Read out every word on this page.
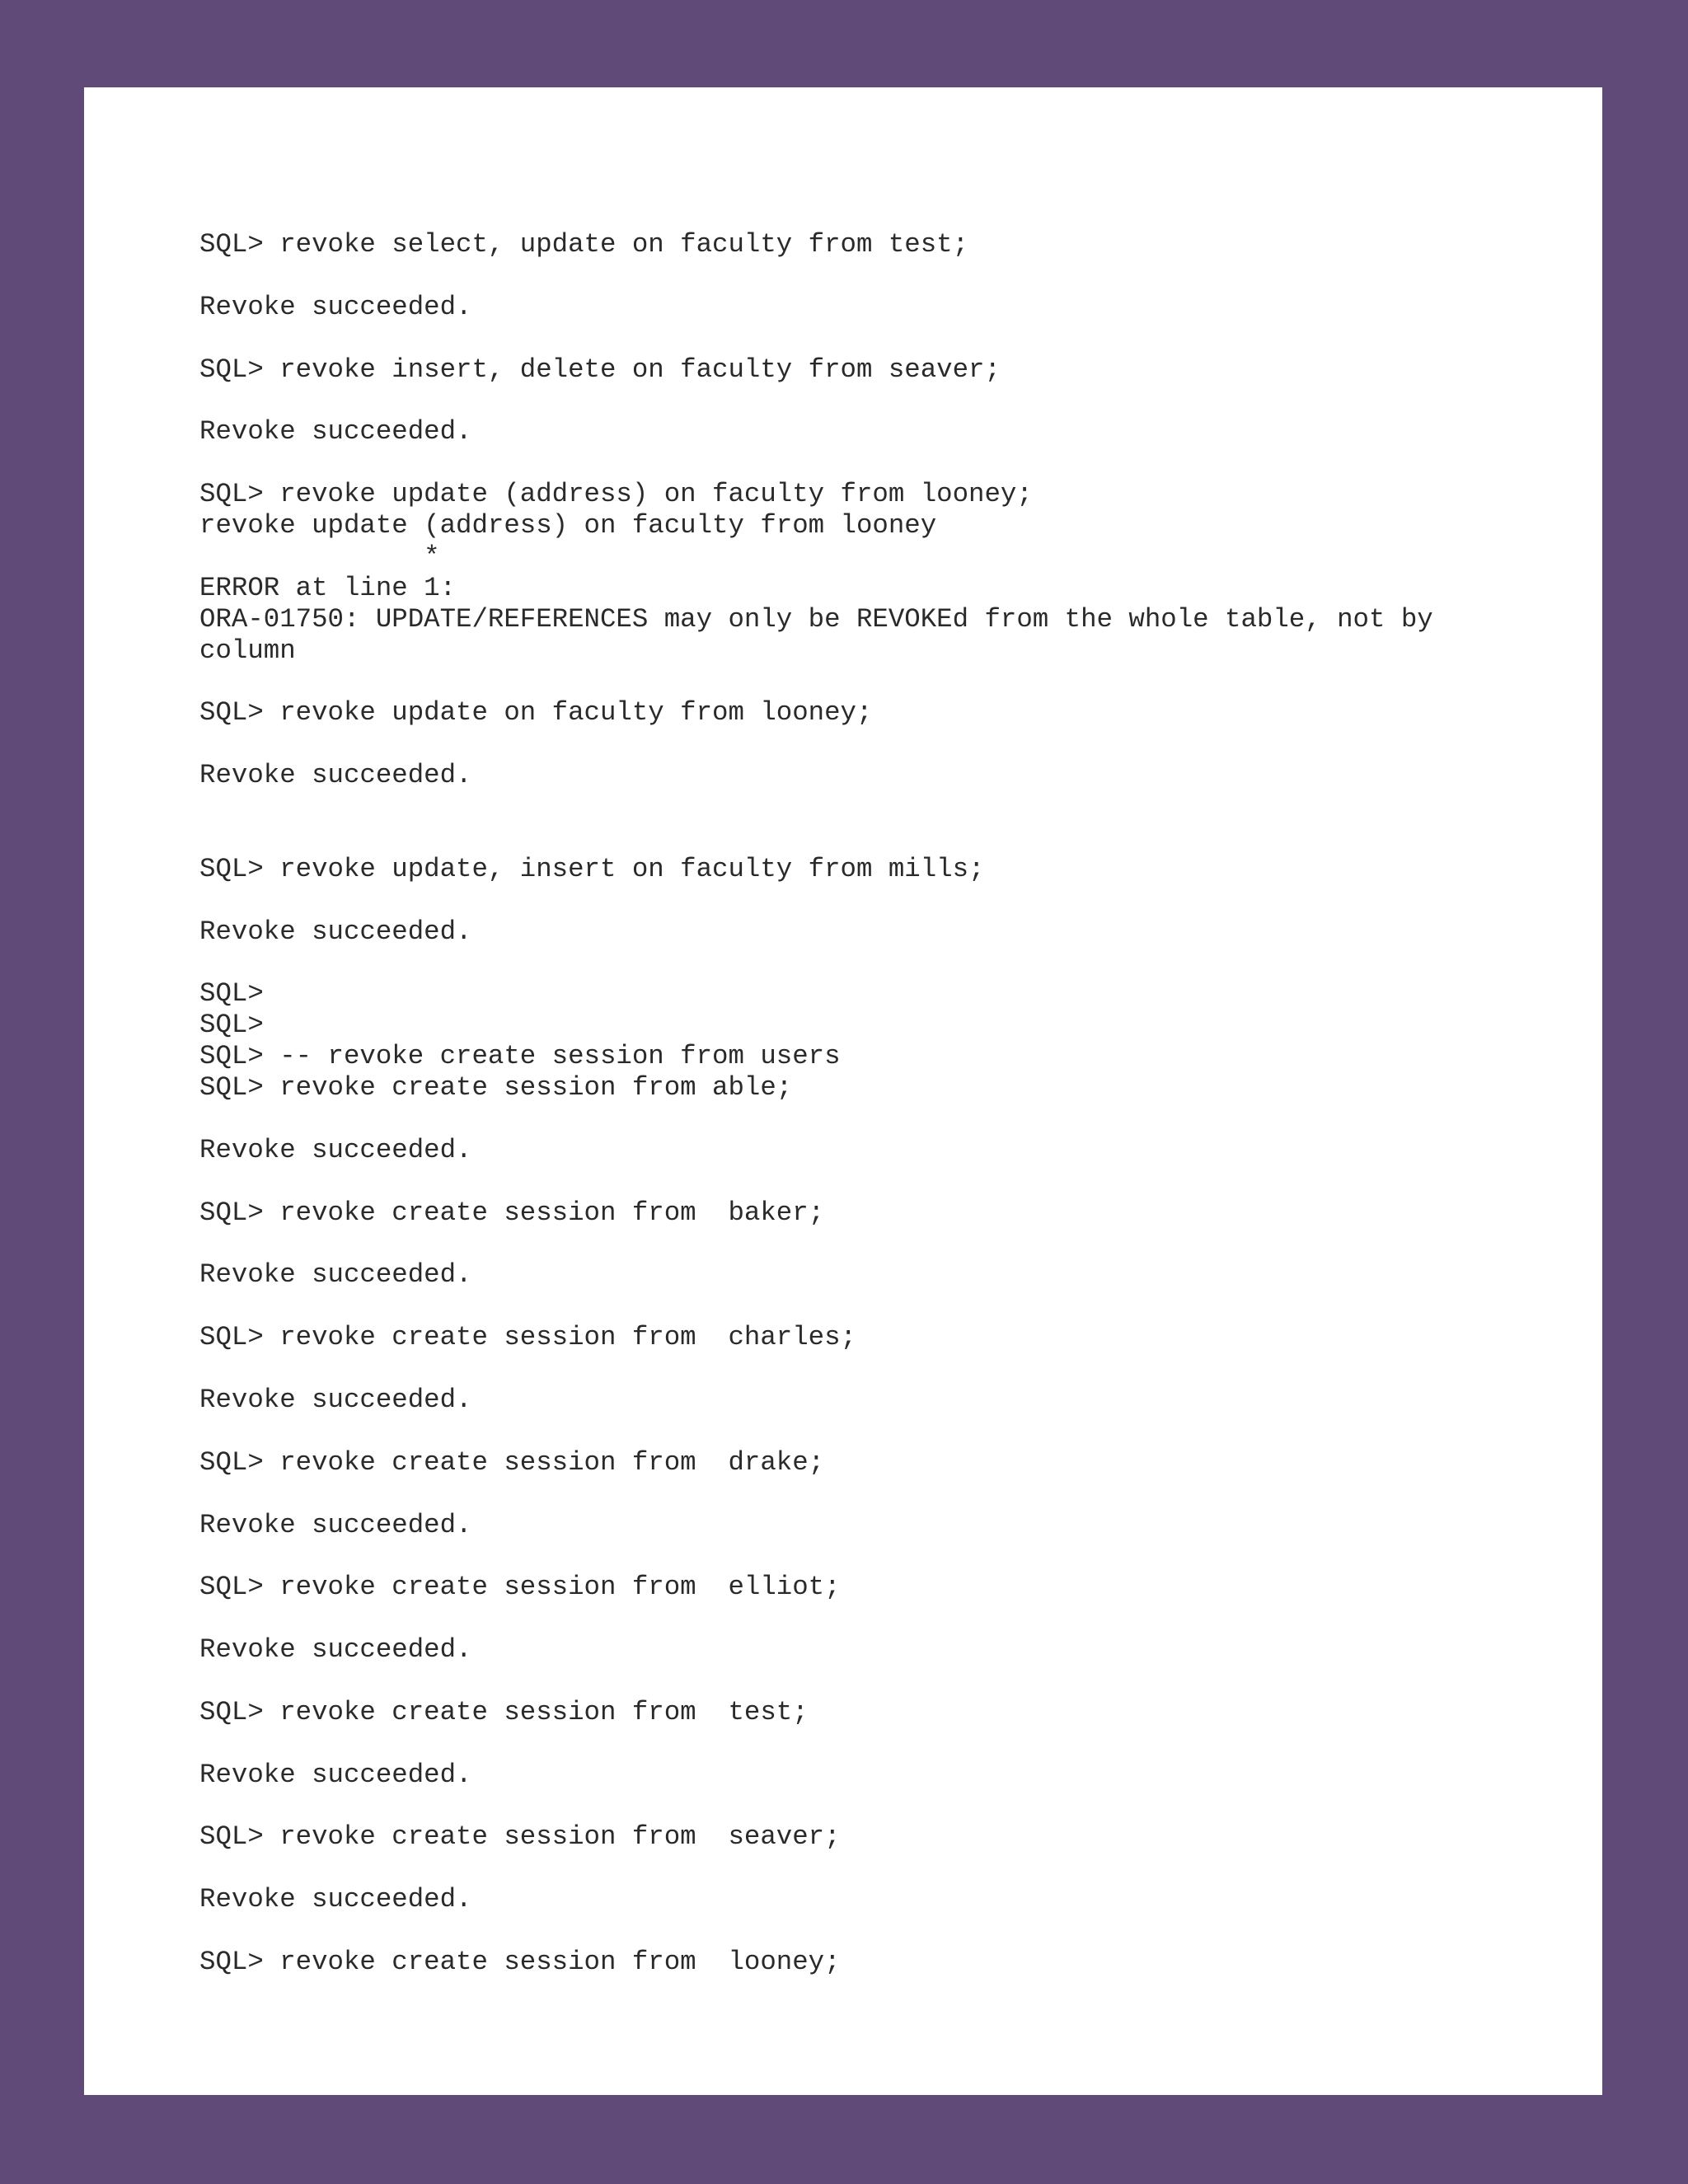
SQL> revoke select, update on faculty from test;
Revoke succeeded.
SQL> revoke insert, delete on faculty from seaver;
Revoke succeeded.
SQL> revoke update (address) on faculty from looney;
revoke update (address) on faculty from looney
*
ERROR at line 1:
ORA-01750: UPDATE/REFERENCES may only be REVOKEd from the whole table, not by
column
SQL> revoke update on faculty from looney;
Revoke succeeded.
SQL> revoke update, insert on faculty from mills;
Revoke succeeded.
SQL>
SQL>
SQL> -- revoke create session from users
SQL> revoke create session from able;
Revoke succeeded.
SQL> revoke create session from  baker;
Revoke succeeded.
SQL> revoke create session from  charles;
Revoke succeeded.
SQL> revoke create session from  drake;
Revoke succeeded.
SQL> revoke create session from  elliot;
Revoke succeeded.
SQL> revoke create session from  test;
Revoke succeeded.
SQL> revoke create session from  seaver;
Revoke succeeded.
SQL> revoke create session from  looney;
